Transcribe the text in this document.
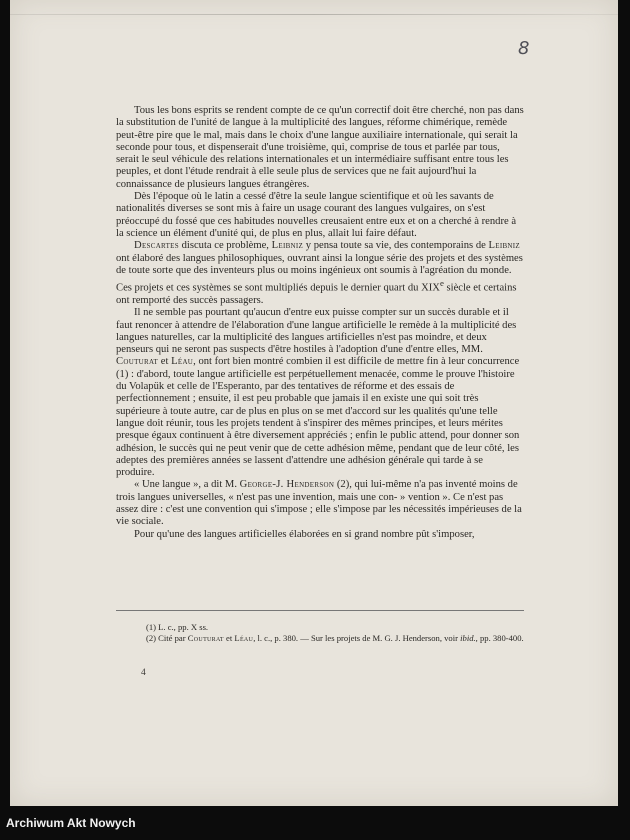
8

Tous les bons esprits se rendent compte de ce qu'un correctif doit être cherché, non pas dans la substitution de l'unité de langue à la multiplicité des langues, réforme chimérique, remède peut-être pire que le mal, mais dans le choix d'une langue auxiliaire internationale, qui serait la seconde pour tous, et dispenserait d'une troisième, qui, comprise de tous et parlée par tous, serait le seul véhicule des relations internationales et un intermédiaire suffisant entre tous les peuples, et dont l'étude rendrait à elle seule plus de services que ne fait aujourd'hui la connaissance de plusieurs langues étrangères.

Dès l'époque où le latin a cessé d'être la seule langue scientifique et où les savants de nationalités diverses se sont mis à faire un usage courant des langues vulgaires, on s'est préoccupé du fossé que ces habitudes nouvelles creusaient entre eux et on a cherché à rendre à la science un élément d'unité qui, de plus en plus, allait lui faire défaut.

Descartes discuta ce problème, Leibniz y pensa toute sa vie, des contemporains de Leibniz ont élaboré des langues philosophiques, ouvrant ainsi la longue série des projets et des systèmes de toute sorte que des inventeurs plus ou moins ingénieux ont soumis à l'agréation du monde. Ces projets et ces systèmes se sont multipliés depuis le dernier quart du XIXe siècle et certains ont remporté des succès passagers.

Il ne semble pas pourtant qu'aucun d'entre eux puisse compter sur un succès durable et il faut renoncer à attendre de l'élaboration d'une langue artificielle le remède à la multiplicité des langues naturelles, car la multiplicité des langues artificielles n'est pas moindre, et deux penseurs qui ne seront pas suspects d'être hostiles à l'adoption d'une d'entre elles, MM. Couturat et Léau, ont fort bien montré combien il est difficile de mettre fin à leur concurrence (1) : d'abord, toute langue artificielle est perpétuellement menacée, comme le prouve l'histoire du Volapük et celle de l'Esperanto, par des tentatives de réforme et des essais de perfectionnement ; ensuite, il est peu probable que jamais il en existe une qui soit très supérieure à toute autre, car de plus en plus on se met d'accord sur les qualités qu'une telle langue doit réunir, tous les projets tendent à s'inspirer des mêmes principes, et leurs mérites presque égaux continuent à être diversement appréciés ; enfin le public attend, pour donner son adhésion, le succès qui ne peut venir que de cette adhésion même, pendant que de leur côté, les adeptes des premières années se lassent d'attendre une adhésion générale qui tarde à se produire.

« Une langue », a dit M. George-J. Henderson (2), qui lui-même n'a pas inventé moins de trois langues universelles, « n'est pas une invention, mais une con- » vention ». Ce n'est pas assez dire : c'est une convention qui s'impose ; elle s'impose par les nécessités impérieuses de la vie sociale.

Pour qu'une des langues artificielles élaborées en si grand nombre pût s'imposer,

(1) L. c., pp. X ss.

(2) Cité par Couturat et Léau, l. c., p. 380. — Sur les projets de M. G. J. Henderson, voir ibid., pp. 380-400.

4
Archiwum Akt Nowych
